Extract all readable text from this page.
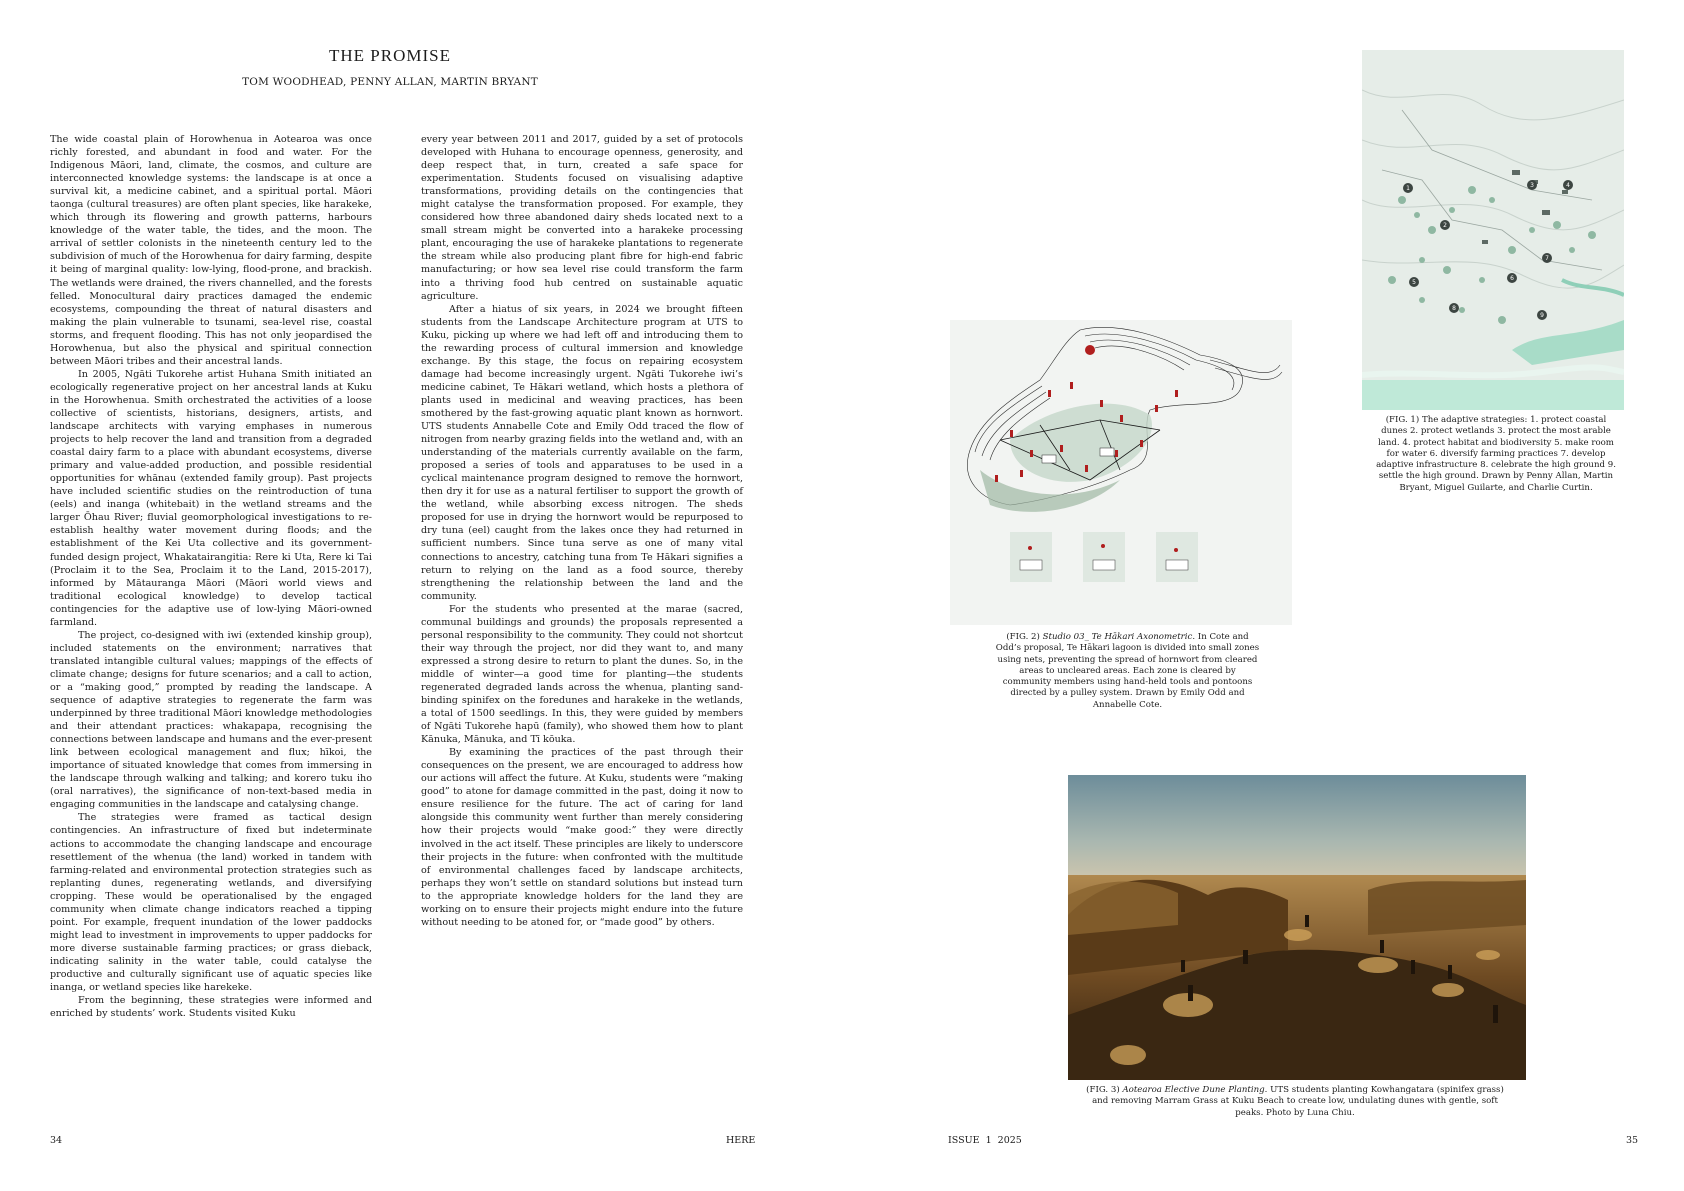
THE PROMISE
TOM WOODHEAD, PENNY ALLAN, MARTIN BRYANT

The wide coastal plain of Horowhenua in Aotearoa was once richly forested, and abundant in food and water. For the Indigenous Māori, land, climate, the cosmos, and culture are interconnected knowledge systems: the landscape is at once a survival kit, a medicine cabinet, and a spiritual portal. Māori taonga (cultural treasures) are often plant species, like harakeke, which through its flowering and growth patterns, harbours knowledge of the water table, the tides, and the moon. The arrival of settler colonists in the nineteenth century led to the subdivision of much of the Horowhenua for dairy farming, despite it being of marginal quality: low-lying, flood-prone, and brackish. The wetlands were drained, the rivers channelled, and the forests felled. Monocultural dairy practices damaged the endemic ecosystems, compounding the threat of natural disasters and making the plain vulnerable to tsunami, sea-level rise, coastal storms, and frequent flooding. This has not only jeopardised the Horowhenua, but also the physical and spiritual connection between Māori tribes and their ancestral lands.

In 2005, Ngāti Tukorehe artist Huhana Smith initiated an ecologically regenerative project on her ancestral lands at Kuku in the Horowhenua. Smith orchestrated the activities of a loose collective of scientists, historians, designers, artists, and landscape architects with varying emphases in numerous projects to help recover the land and transition from a degraded coastal dairy farm to a place with abundant ecosystems, diverse primary and value-added production, and possible residential opportunities for whānau (extended family group). Past projects have included scientific studies on the reintroduction of tuna (eels) and inanga (whitebait) in the wetland streams and the larger Ōhau River; fluvial geomorphological investigations to re-establish healthy water movement during floods; and the establishment of the Kei Uta collective and its government-funded design project, Whakatairangitia: Rere ki Uta, Rere ki Tai (Proclaim it to the Sea, Proclaim it to the Land, 2015-2017), informed by Mātauranga Māori (Māori world views and traditional ecological knowledge) to develop tactical contingencies for the adaptive use of low-lying Māori-owned farmland.

The project, co-designed with iwi (extended kinship group), included statements on the environment; narratives that translated intangible cultural values; mappings of the effects of climate change; designs for future scenarios; and a call to action, or a “making good,” prompted by reading the landscape. A sequence of adaptive strategies to regenerate the farm was underpinned by three traditional Māori knowledge methodologies and their attendant practices: whakapapa, recognising the connections between landscape and humans and the ever-present link between ecological management and flux; hīkoi, the importance of situated knowledge that comes from immersing in the landscape through walking and talking; and korero tuku iho (oral narratives), the significance of non-text-based media in engaging communities in the landscape and catalysing change.

The strategies were framed as tactical design contingencies. An infrastructure of fixed but indeterminate actions to accommodate the changing landscape and encourage resettlement of the whenua (the land) worked in tandem with farming-related and environmental protection strategies such as replanting dunes, regenerating wetlands, and diversifying cropping. These would be operationalised by the engaged community when climate change indicators reached a tipping point. For example, frequent inundation of the lower paddocks might lead to investment in improvements to upper paddocks for more diverse sustainable farming practices; or grass dieback, indicating salinity in the water table, could catalyse the productive and culturally significant use of aquatic species like inanga, or wetland species like harekeke.

From the beginning, these strategies were informed and enriched by students’ work. Students visited Kuku

every year between 2011 and 2017, guided by a set of protocols developed with Huhana to encourage openness, generosity, and deep respect that, in turn, created a safe space for experimentation. Students focused on visualising adaptive transformations, providing details on the contingencies that might catalyse the transformation proposed. For example, they considered how three abandoned dairy sheds located next to a small stream might be converted into a harakeke processing plant, encouraging the use of harakeke plantations to regenerate the stream while also producing plant fibre for high-end fabric manufacturing; or how sea level rise could transform the farm into a thriving food hub centred on sustainable aquatic agriculture.

After a hiatus of six years, in 2024 we brought fifteen students from the Landscape Architecture program at UTS to Kuku, picking up where we had left off and introducing them to the rewarding process of cultural immersion and knowledge exchange. By this stage, the focus on repairing ecosystem damage had become increasingly urgent. Ngāti Tukorehe iwi’s medicine cabinet, Te Hākari wetland, which hosts a plethora of plants used in medicinal and weaving practices, has been smothered by the fast-growing aquatic plant known as hornwort. UTS students Annabelle Cote and Emily Odd traced the flow of nitrogen from nearby grazing fields into the wetland and, with an understanding of the materials currently available on the farm, proposed a series of tools and apparatuses to be used in a cyclical maintenance program designed to remove the hornwort, then dry it for use as a natural fertiliser to support the growth of the wetland, while absorbing excess nitrogen. The sheds proposed for use in drying the hornwort would be repurposed to dry tuna (eel) caught from the lakes once they had returned in sufficient numbers. Since tuna serve as one of many vital connections to ancestry, catching tuna from Te Hākari signifies a return to relying on the land as a food source, thereby strengthening the relationship between the land and the community.

For the students who presented at the marae (sacred, communal buildings and grounds) the proposals represented a personal responsibility to the community. They could not shortcut their way through the project, nor did they want to, and many expressed a strong desire to return to plant the dunes. So, in the middle of winter—a good time for planting—the students regenerated degraded lands across the whenua, planting sand-binding spinifex on the foredunes and harakeke in the wetlands, a total of 1500 seedlings. In this, they were guided by members of Ngāti Tukorehe hapū (family), who showed them how to plant Kānuka, Mānuka, and Tī kōuka.

By examining the practices of the past through their consequences on the present, we are encouraged to address how our actions will affect the future. At Kuku, students were “making good” to atone for damage committed in the past, doing it now to ensure resilience for the future. The act of caring for land alongside this community went further than merely considering how their projects would “make good:” they were directly involved in the act itself. These principles are likely to underscore their projects in the future: when confronted with the multitude of environmental challenges faced by landscape architects, perhaps they won’t settle on standard solutions but instead turn to the appropriate knowledge holders for the land they are working on to ensure their projects might endure into the future without needing to be atoned for, or “made good” by others.

1
2
3	4
5
6
7
8
9
(FIG. 1) The adaptive strategies: 1. protect coastal dunes 2. protect wetlands 3. protect the most arable land. 4. protect habitat and biodiversity 5. make room for water 6. diversify farming practices 7. develop adaptive infrastructure 8. celebrate the high ground 9. settle the high ground. Drawn by Penny Allan, Martin Bryant, Miguel Guilarte, and Charlie Curtin.
(FIG. 2) Studio 03_ Te Hākari Axonometric. In Cote and Odd’s proposal, Te Hākari lagoon is divided into small zones using nets, preventing the spread of hornwort from cleared areas to uncleared areas. Each zone is cleared by community members using hand-held tools and pontoons directed by a pulley system. Drawn by Emily Odd and Annabelle Cote.
(FIG. 3) Aotearoa Elective Dune Planting. UTS students planting Kowhangatara (spinifex grass) and removing Marram Grass at Kuku Beach to create low, undulating dunes with gentle, soft peaks. Photo by Luna Chiu.
34	HERE	ISSUE  1  2025	35
